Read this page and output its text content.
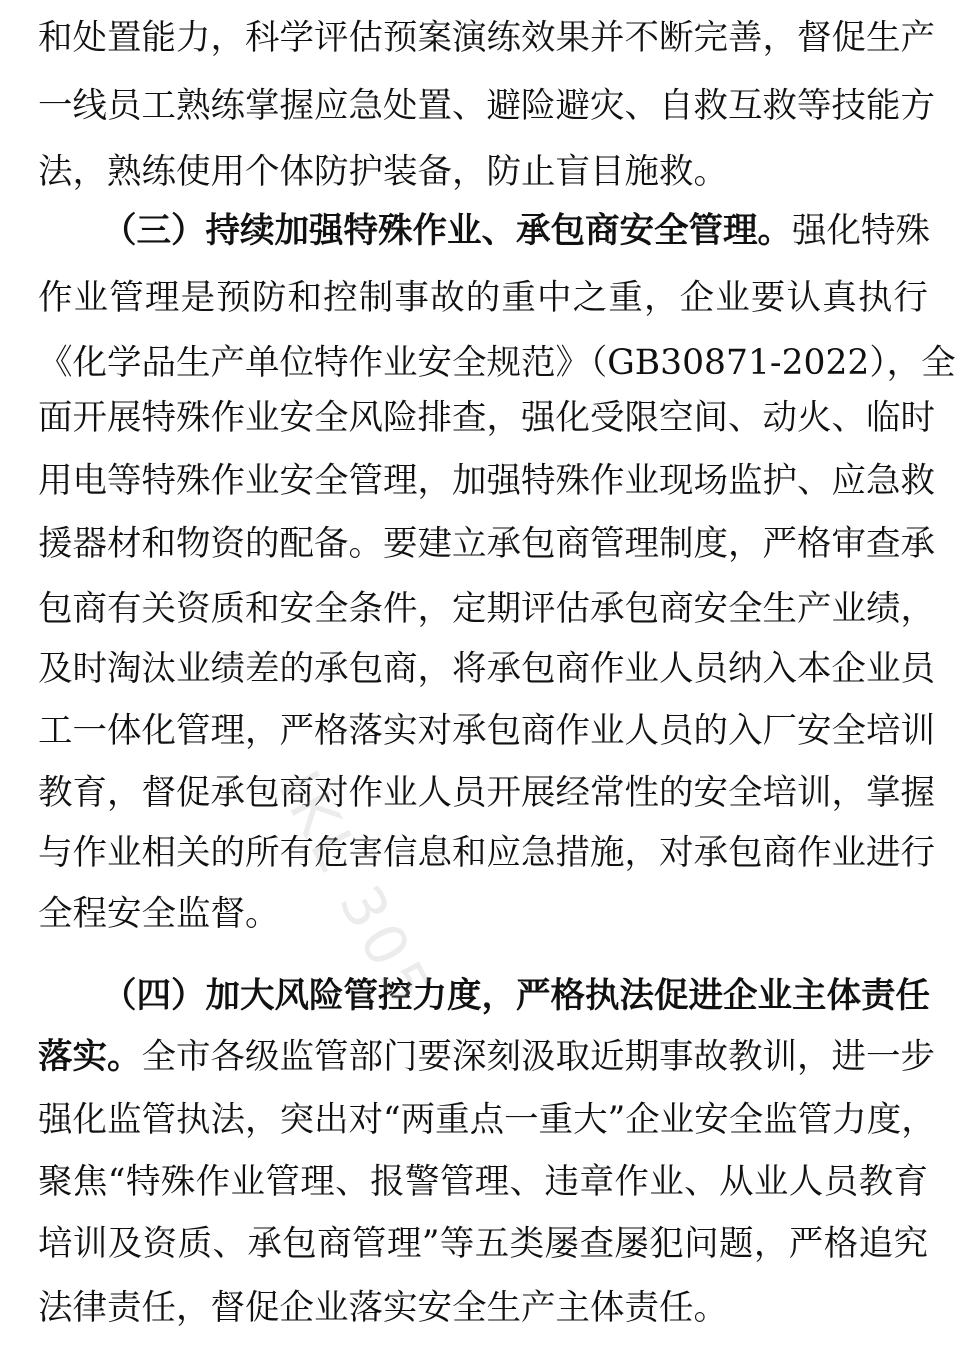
和处置能力，科学评估预案演练效果并不断完善，督促生产
一线员工熟练掌握应急处置、避险避灾、自救互救等技能方
法，熟练使用个体防护装备，防止盲目施救。
（三）持续加强特殊作业、承包商安全管理。强化特殊
作业管理是预防和控制事故的重中之重，企业要认真执行
《化学品生产单位特作业安全规范》（GB30871-2022），全
面开展特殊作业安全风险排查，强化受限空间、动火、临时
用电等特殊作业安全管理，加强特殊作业现场监护、应急救
援器材和物资的配备。要建立承包商管理制度，严格审查承
包商有关资质和安全条件，定期评估承包商安全生产业绩，
及时淘汰业绩差的承包商，将承包商作业人员纳入本企业员
工一体化管理，严格落实对承包商作业人员的入厂安全培训
教育，督促承包商对作业人员开展经常性的安全培训，掌握
与作业相关的所有危害信息和应急措施，对承包商作业进行
全程安全监督。
（四）加大风险管控力度，严格执法促进企业主体责任
落实。全市各级监管部门要深刻汲取近期事故教训，进一步
强化监管执法，突出对“两重点一重大”企业安全监管力度，
聚焦“特殊作业管理、报警管理、违章作业、从业人员教育
培训及资质、承包商管理”等五类屡查屡犯问题，严格追究
法律责任，督促企业落实安全生产主体责任。
IKL 305
